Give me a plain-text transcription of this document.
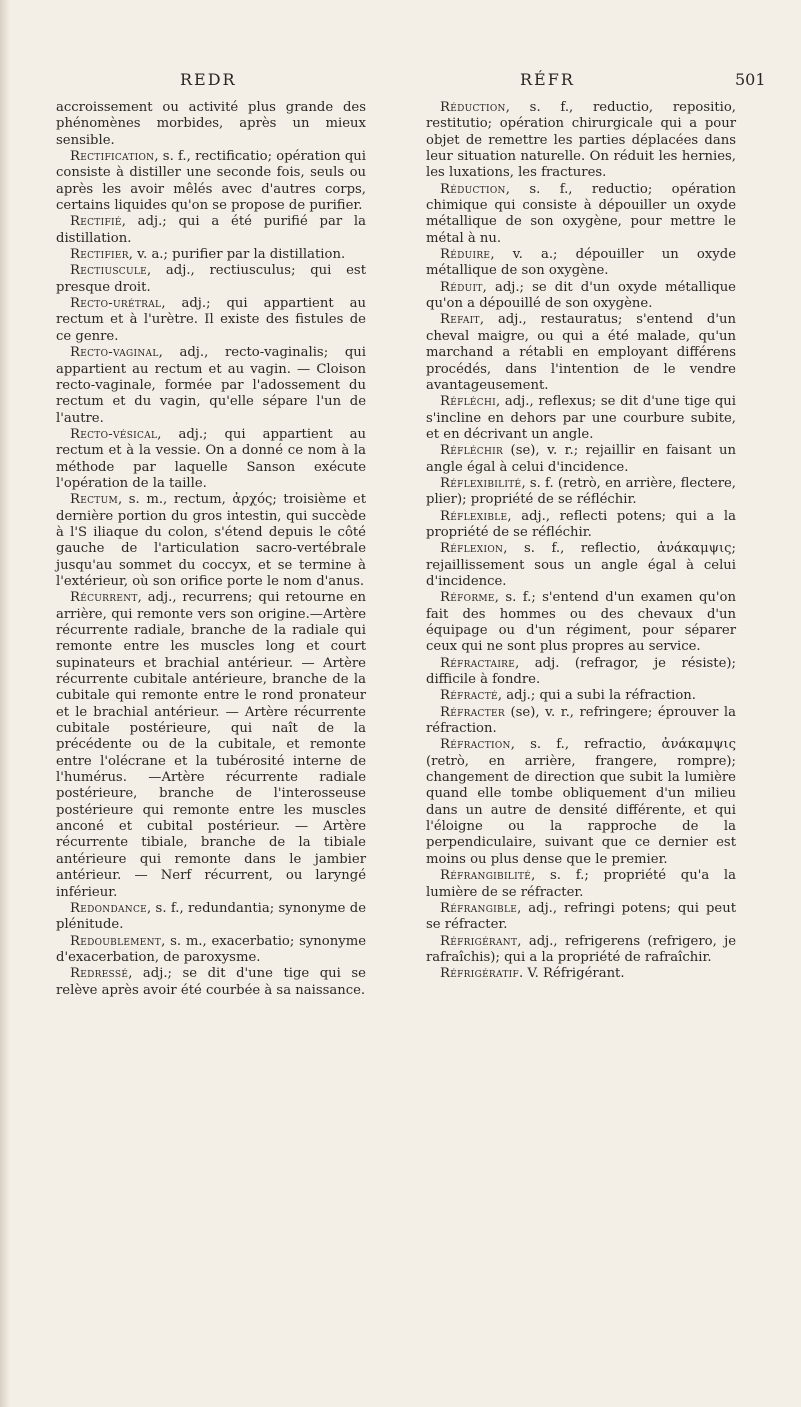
REDR	RÉFR	501

accroissement ou activité plus grande des phénomènes morbides, après un mieux sensible.

Rectification, s. f., rectificatio; opération qui consiste à distiller une seconde fois, seuls ou après les avoir mêlés avec d'autres corps, certains liquides qu'on se propose de purifier.

Rectifié, adj.; qui a été purifié par la distillation.

Rectifier, v. a.; purifier par la distillation.

Rectiuscule, adj., rectiusculus; qui est presque droit.

Recto-urétral, adj.; qui appartient au rectum et à l'urètre. Il existe des fistules de ce genre.

Recto-vaginal, adj., recto-vaginalis; qui appartient au rectum et au vagin. — Cloison recto-vaginale, formée par l'adossement du rectum et du vagin, qu'elle sépare l'un de l'autre.

Recto-vésical, adj.; qui appartient au rectum et à la vessie. On a donné ce nom à la méthode par laquelle Sanson exécute l'opération de la taille.

Rectum, s. m., rectum, ἀρχός; troisième et dernière portion du gros intestin, qui succède à l'S iliaque du colon, s'étend depuis le côté gauche de l'articulation sacro-vertébrale jusqu'au sommet du coccyx, et se termine à l'extérieur, où son orifice porte le nom d'anus.

Récurrent, adj., recurrens; qui retourne en arrière, qui remonte vers son origine.—Artère récurrente radiale, branche de la radiale qui remonte entre les muscles long et court supinateurs et brachial antérieur. — Artère récurrente cubitale antérieure, branche de la cubitale qui remonte entre le rond pronateur et le brachial antérieur. — Artère récurrente cubitale postérieure, qui naît de la précédente ou de la cubitale, et remonte entre l'olécrane et la tubérosité interne de l'humérus. —Artère récurrente radiale postérieure, branche de l'interosseuse postérieure qui remonte entre les muscles anconé et cubital postérieur. — Artère récurrente tibiale, branche de la tibiale antérieure qui remonte dans le jambier antérieur. — Nerf récurrent, ou laryngé inférieur.

Redondance, s. f., redundantia; synonyme de plénitude.

Redoublement, s. m., exacerbatio; synonyme d'exacerbation, de paroxysme.

Redressé, adj.; se dit d'une tige qui se relève après avoir été courbée à sa naissance.

Réduction, s. f., reductio, repositio, restitutio; opération chirurgicale qui a pour objet de remettre les parties déplacées dans leur situation naturelle. On réduit les hernies, les luxations, les fractures.

Réduction, s. f., reductio; opération chimique qui consiste à dépouiller un oxyde métallique de son oxygène, pour mettre le métal à nu.

Réduire, v. a.; dépouiller un oxyde métallique de son oxygène.

Réduit, adj.; se dit d'un oxyde métallique qu'on a dépouillé de son oxygène.

Refait, adj., restauratus; s'entend d'un cheval maigre, ou qui a été malade, qu'un marchand a rétabli en employant différens procédés, dans l'intention de le vendre avantageusement.

Réfléchi, adj., reflexus; se dit d'une tige qui s'incline en dehors par une courbure subite, et en décrivant un angle.

Réfléchir (se), v. r.; rejaillir en faisant un angle égal à celui d'incidence.

Réflexibilité, s. f. (retrò, en arrière, flectere, plier); propriété de se réfléchir.

Réflexible, adj., reflecti potens; qui a la propriété de se réfléchir.

Réflexion, s. f., reflectio, ἀνάκαμψις; rejaillissement sous un angle égal à celui d'incidence.

Réforme, s. f.; s'entend d'un examen qu'on fait des hommes ou des chevaux d'un équipage ou d'un régiment, pour séparer ceux qui ne sont plus propres au service.

Réfractaire, adj. (refragor, je résiste); difficile à fondre.

Réfracté, adj.; qui a subi la réfraction.

Réfracter (se), v. r., refringere; éprouver la réfraction.

Réfraction, s. f., refractio, ἀνάκαμψις (retrò, en arrière, frangere, rompre); changement de direction que subit la lumière quand elle tombe obliquement d'un milieu dans un autre de densité différente, et qui l'éloigne ou la rapproche de la perpendiculaire, suivant que ce dernier est moins ou plus dense que le premier.

Réfrangibilité, s. f.; propriété qu'a la lumière de se réfracter.

Réfrangible, adj., refringi potens; qui peut se réfracter.

Réfrigérant, adj., refrigerens (refrigero, je rafraîchis); qui a la propriété de rafraîchir.

Réfrigératif. V. Réfrigérant.
